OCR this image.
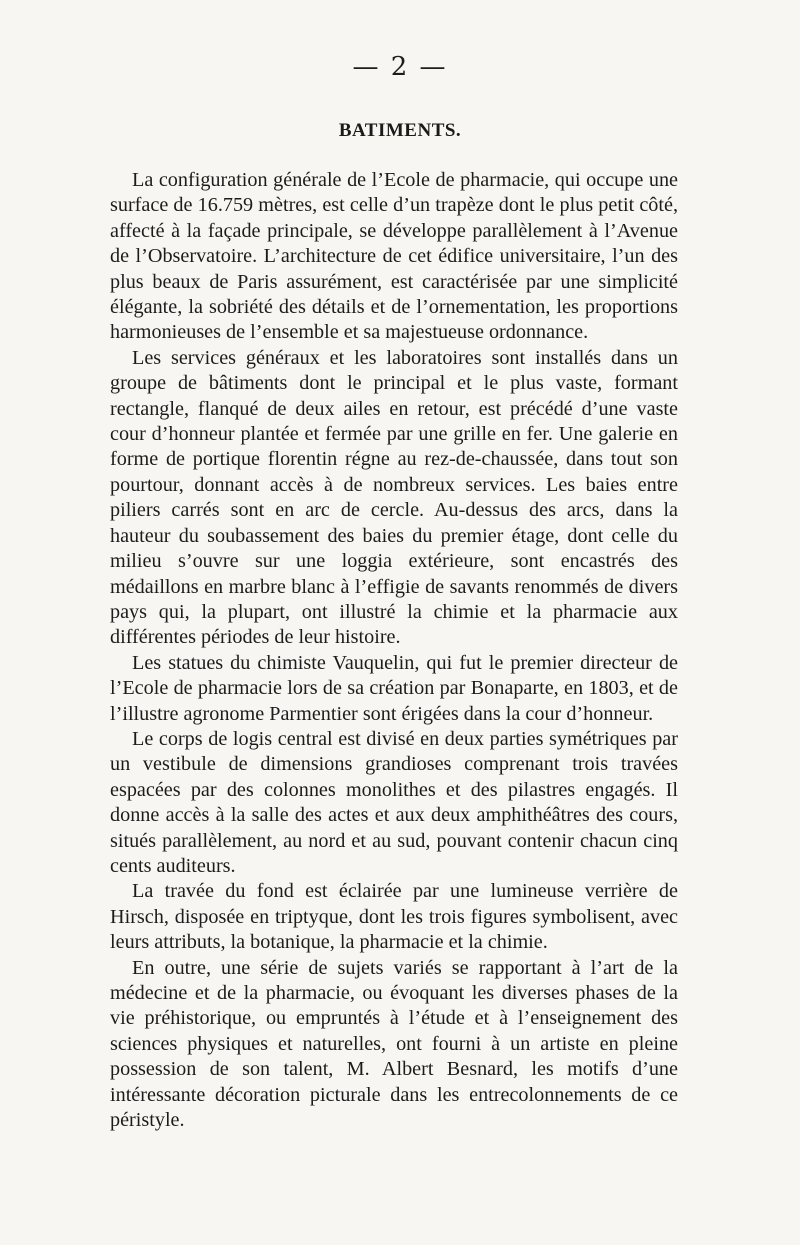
— 2 —
BATIMENTS.

La configuration générale de l’Ecole de pharmacie, qui occupe une surface de 16.759 mètres, est celle d’un trapèze dont le plus petit côté, affecté à la façade principale, se développe parallèlement à l’Avenue de l’Observatoire. L’architecture de cet édifice universitaire, l’un des plus beaux de Paris assurément, est caractérisée par une simplicité élégante, la sobriété des détails et de l’ornementation, les proportions harmonieuses de l’ensemble et sa majestueuse ordonnance.

Les services généraux et les laboratoires sont installés dans un groupe de bâtiments dont le principal et le plus vaste, formant rectangle, flanqué de deux ailes en retour, est précédé d’une vaste cour d’honneur plantée et fermée par une grille en fer. Une galerie en forme de portique florentin régne au rez-de-chaussée, dans tout son pourtour, donnant accès à de nombreux services. Les baies entre piliers carrés sont en arc de cercle. Au-dessus des arcs, dans la hauteur du soubassement des baies du premier étage, dont celle du milieu s’ouvre sur une loggia extérieure, sont encastrés des médaillons en marbre blanc à l’effigie de savants renommés de divers pays qui, la plupart, ont illustré la chimie et la pharmacie aux différentes périodes de leur histoire.

Les statues du chimiste Vauquelin, qui fut le premier directeur de l’Ecole de pharmacie lors de sa création par Bonaparte, en 1803, et de l’illustre agronome Parmentier sont érigées dans la cour d’honneur.

Le corps de logis central est divisé en deux parties symétriques par un vestibule de dimensions grandioses comprenant trois travées espacées par des colonnes monolithes et des pilastres engagés. Il donne accès à la salle des actes et aux deux amphithéâtres des cours, situés parallèlement, au nord et au sud, pouvant contenir chacun cinq cents auditeurs.

La travée du fond est éclairée par une lumineuse verrière de Hirsch, disposée en triptyque, dont les trois figures symbolisent, avec leurs attributs, la botanique, la pharmacie et la chimie.

En outre, une série de sujets variés se rapportant à l’art de la médecine et de la pharmacie, ou évoquant les diverses phases de la vie préhistorique, ou empruntés à l’étude et à l’enseignement des sciences physiques et naturelles, ont fourni à un artiste en pleine possession de son talent, M. Albert Besnard, les motifs d’une intéressante décoration picturale dans les entrecolonnements de ce péristyle.
